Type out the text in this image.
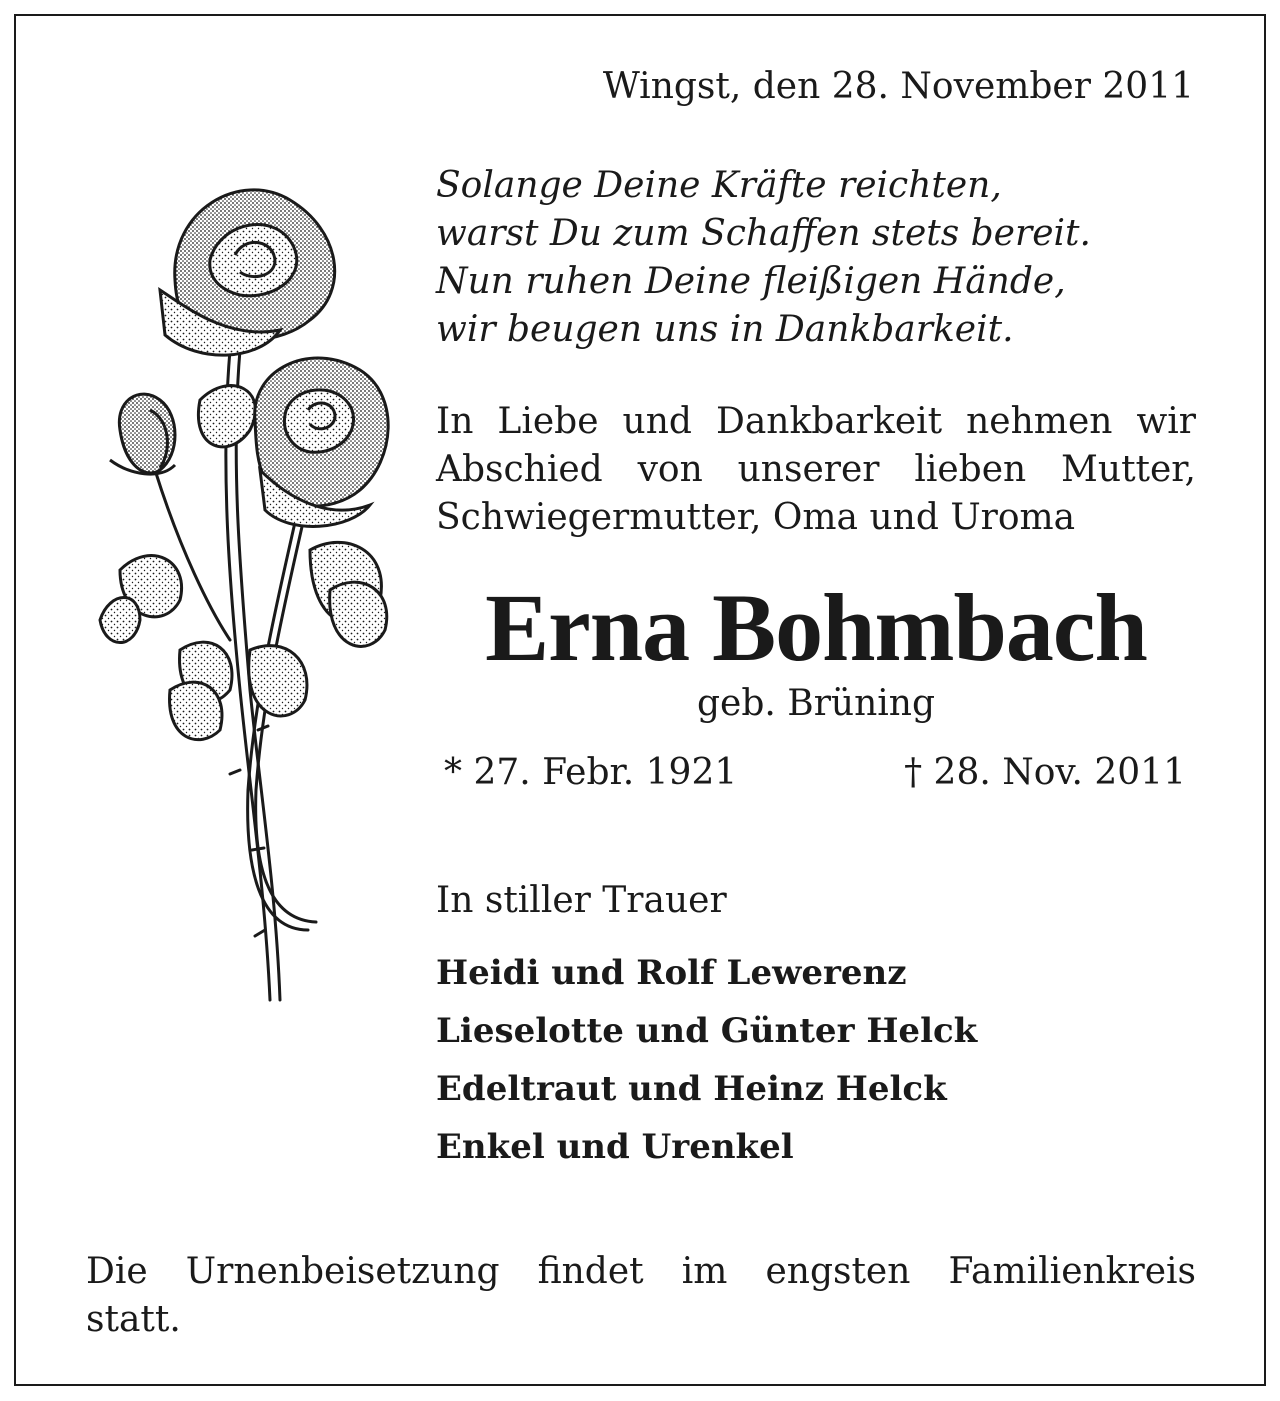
Wingst, den 28. November 2011
Solange Deine Kräfte reichten,
warst Du zum Schaffen stets bereit.
Nun ruhen Deine fleißigen Hände,
wir beugen uns in Dankbarkeit.
In Liebe und Dankbarkeit nehmen wir
Abschied von unserer lieben Mutter,
Schwiegermutter, Oma und Uroma
Erna Bohmbach
geb. Brüning
* 27. Febr. 1921	† 28. Nov. 2011
In stiller Trauer
Heidi und Rolf Lewerenz
Lieselotte und Günter Helck
Edeltraut und Heinz Helck
Enkel und Urenkel
Die Urnenbeisetzung findet im engsten Familienkreis
statt.
